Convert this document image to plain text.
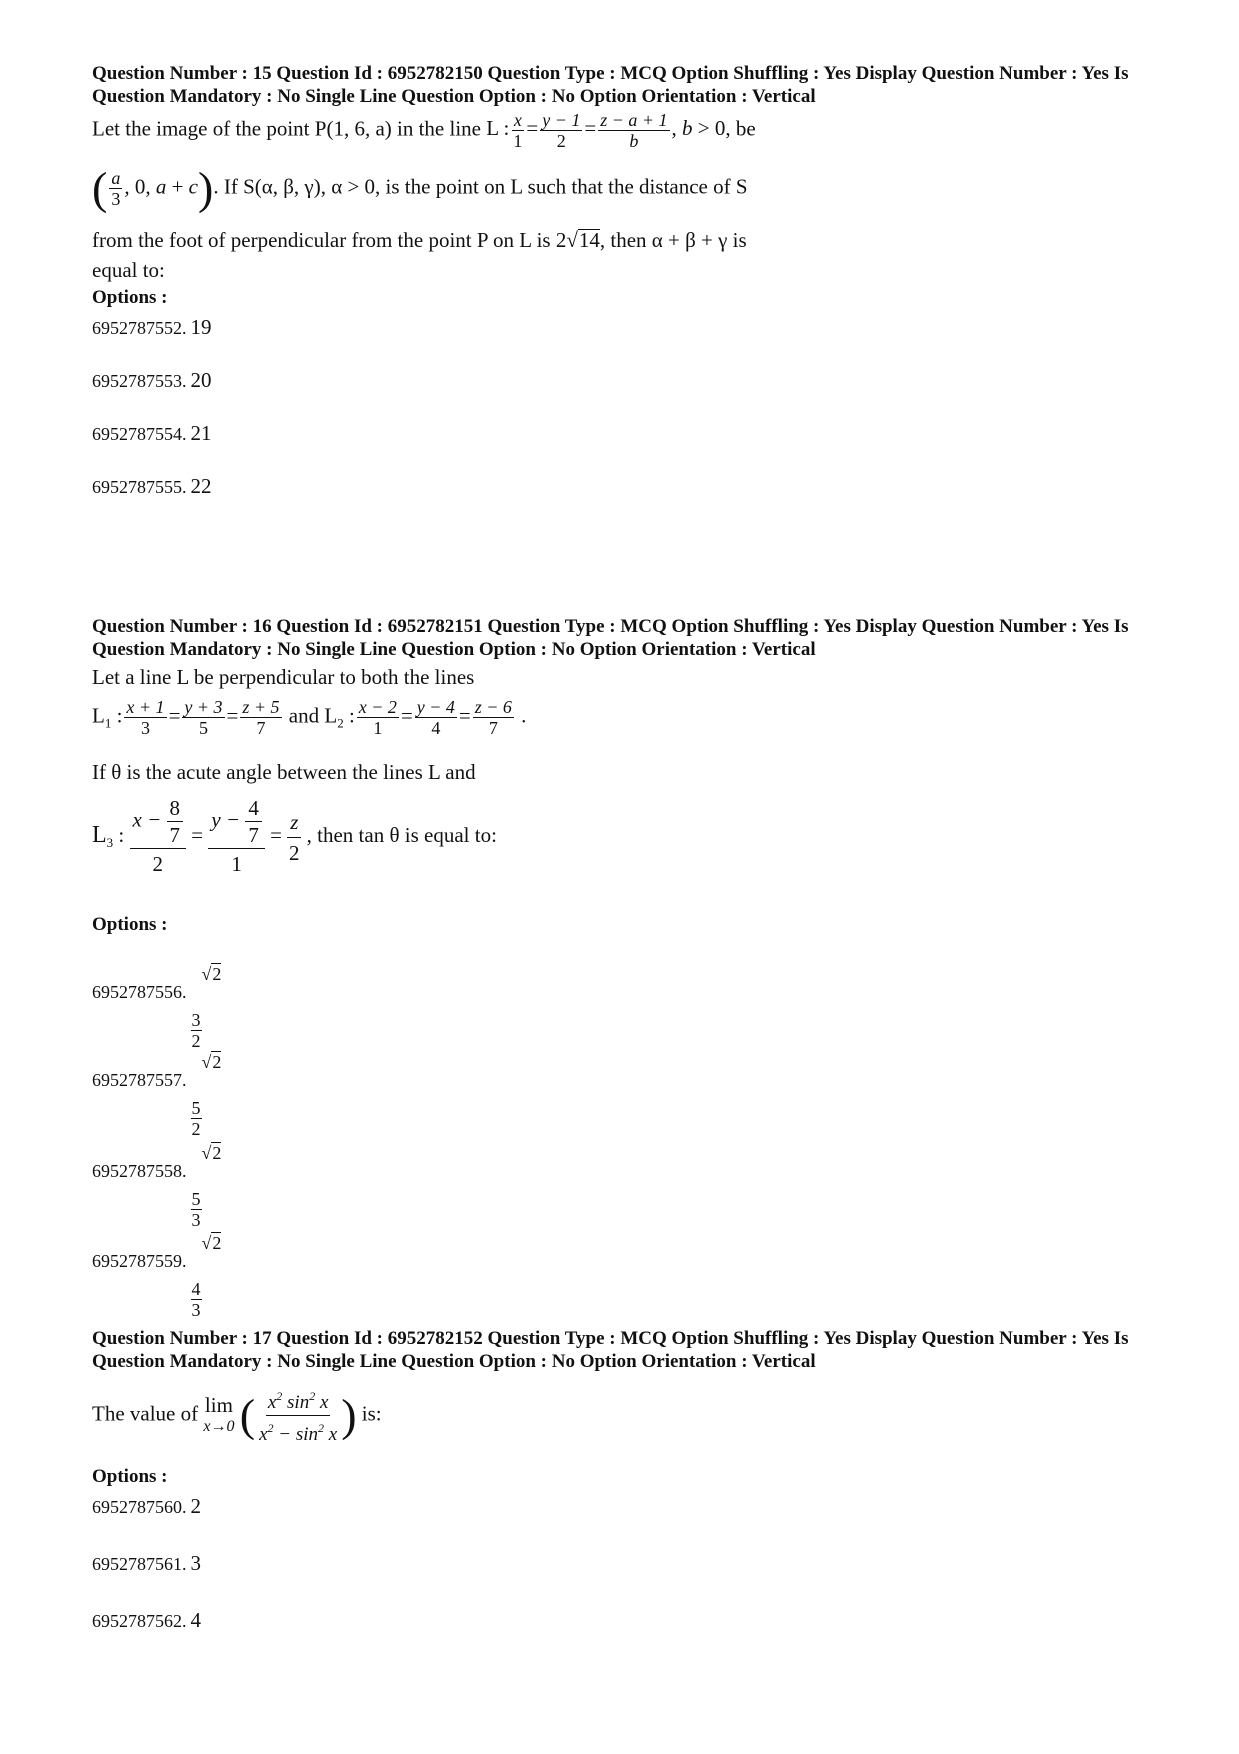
Question Number : 15 Question Id : 6952782150 Question Type : MCQ Option Shuffling : Yes Display Question Number : Yes Is Question Mandatory : No Single Line Question Option : No Option Orientation : Vertical

Let the image of the point P(1, 6, a) in the line L : $\frac{x}{1} = \frac{y - 1}{2} = \frac{z - a + 1}{b}$ , b > 0, be
( $\frac{a}{3}$ , 0, a + c). If S(α, β, γ), α > 0, is the point on L such that the distance of S
from the foot of perpendicular from the point P on L is 2√14, then α + β + γ is
equal to:
Options :
6952787552. 19
6952787553. 20
6952787554. 21
6952787555. 22

Question Number : 16 Question Id : 6952782151 Question Type : MCQ Option Shuffling : Yes Display Question Number : Yes Is Question Mandatory : No Single Line Question Option : No Option Orientation : Vertical

Let a line L be perpendicular to both the lines
$L_1$ : $\frac{x + 1}{3} = \frac{y + 3}{5} = \frac{z + 5}{7}$ and $L_2$ : $\frac{x - 2}{1} = \frac{y - 4}{4} = \frac{z - 6}{7}$ .
If θ is the acute angle between the lines L and
$L_3$ : $\frac{x - \frac{8}{7}}{2} = \frac{y - \frac{4}{7}}{1} = \frac{z}{2}$ , then tan θ is equal to:
Options :
6952787556.
$\frac{3}{2}$
√2
6952787557.
$\frac{5}{2}$
√2
6952787558.
$\frac{5}{3}$
√2
6952787559.
$\frac{4}{3}$
√2

Question Number : 17 Question Id : 6952782152 Question Type : MCQ Option Shuffling : Yes Display Question Number : Yes Is Question Mandatory : No Single Line Question Option : No Option Orientation : Vertical

The value of lim
x→0 ( $\frac{x^2 \sin^2 x}{x^2 - \sin^2 x}$ ) is:
Options :
6952787560. 2
6952787561. 3
6952787562. 4
